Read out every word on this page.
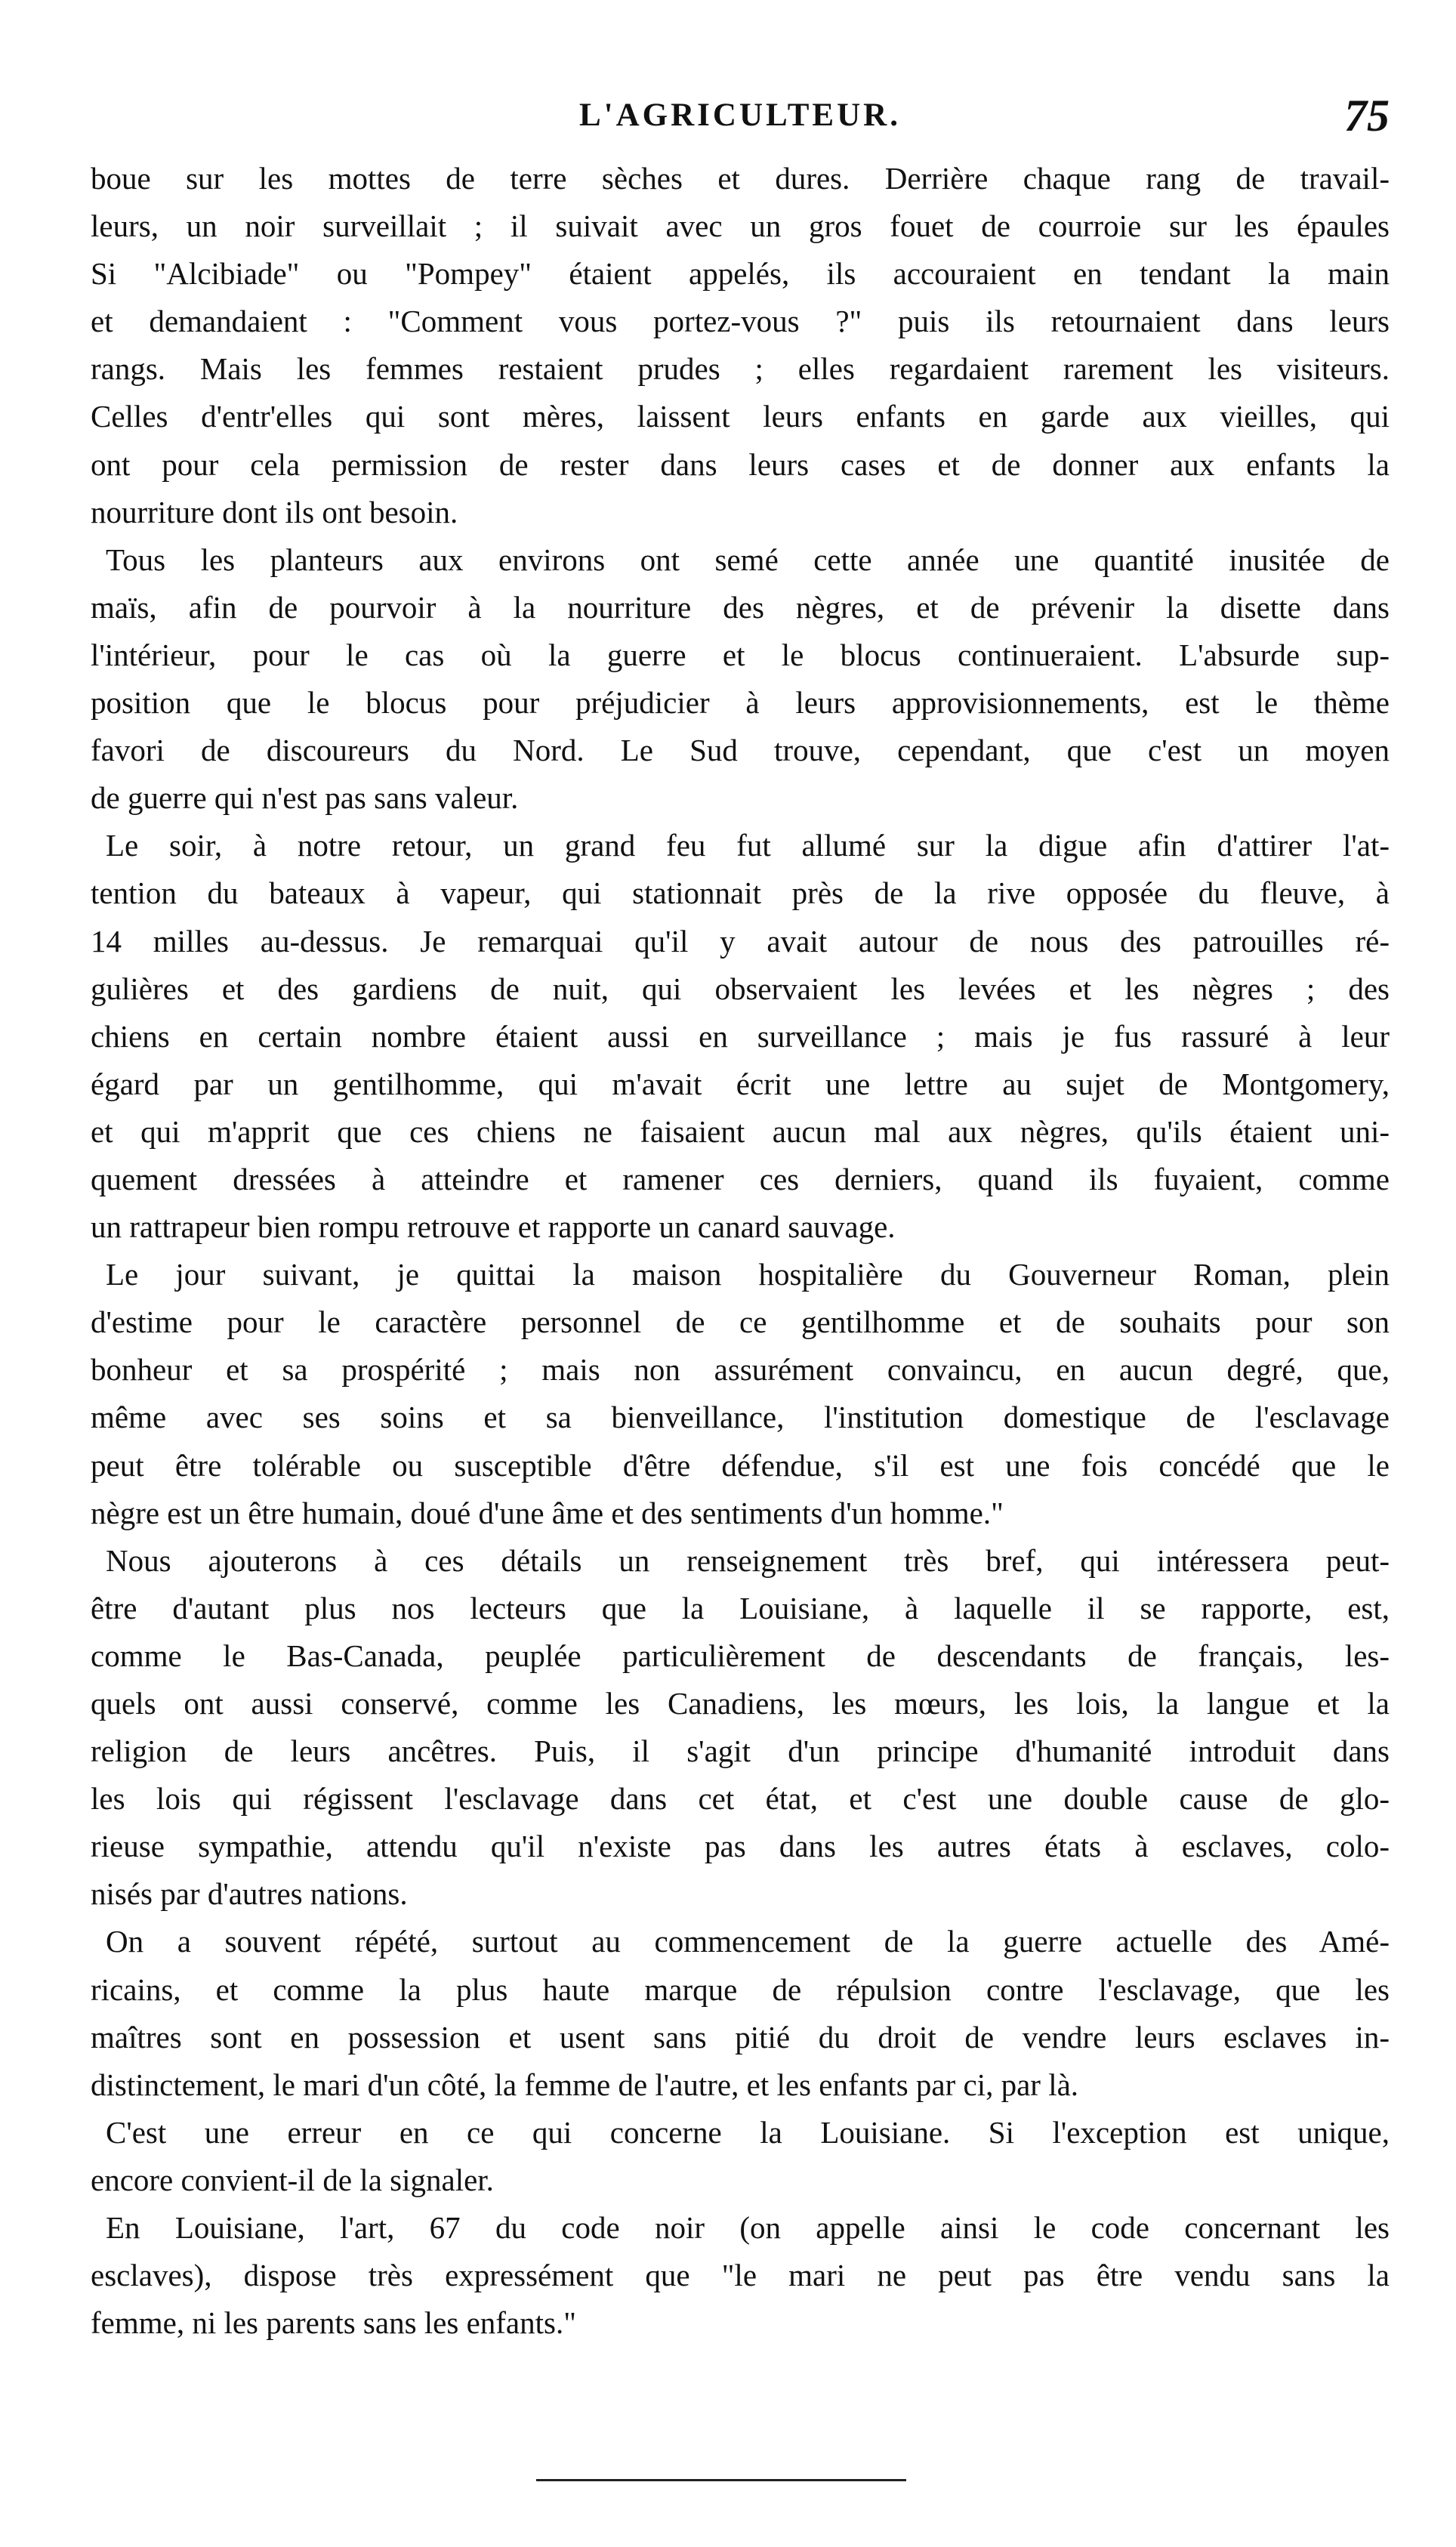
L'AGRICULTEUR.	75
boue sur les mottes de terre sèches et dures. Derrière chaque rang de travail-
leurs, un noir surveillait ; il suivait avec un gros fouet de courroie sur les épaules
Si "Alcibiade" ou "Pompey" étaient appelés, ils accouraient en tendant la main
et demandaient : "Comment vous portez-vous ?" puis ils retournaient dans leurs
rangs. Mais les femmes restaient prudes ; elles regardaient rarement les visiteurs.
Celles d'entr'elles qui sont mères, laissent leurs enfants en garde aux vieilles, qui
ont pour cela permission de rester dans leurs cases et de donner aux enfants la
nourriture dont ils ont besoin.
Tous les planteurs aux environs ont semé cette année une quantité inusitée de
maïs, afin de pourvoir à la nourriture des nègres, et de prévenir la disette dans
l'intérieur, pour le cas où la guerre et le blocus continueraient. L'absurde sup-
position que le blocus pour préjudicier à leurs approvisionnements, est le thème
favori de discoureurs du Nord. Le Sud trouve, cependant, que c'est un moyen
de guerre qui n'est pas sans valeur.
Le soir, à notre retour, un grand feu fut allumé sur la digue afin d'attirer l'at-
tention du bateaux à vapeur, qui stationnait près de la rive opposée du fleuve, à
14 milles au-dessus. Je remarquai qu'il y avait autour de nous des patrouilles ré-
gulières et des gardiens de nuit, qui observaient les levées et les nègres ; des
chiens en certain nombre étaient aussi en surveillance ; mais je fus rassuré à leur
égard par un gentilhomme, qui m'avait écrit une lettre au sujet de Montgomery,
et qui m'apprit que ces chiens ne faisaient aucun mal aux nègres, qu'ils étaient uni-
quement dressées à atteindre et ramener ces derniers, quand ils fuyaient, comme
un rattrapeur bien rompu retrouve et rapporte un canard sauvage.
Le jour suivant, je quittai la maison hospitalière du Gouverneur Roman, plein
d'estime pour le caractère personnel de ce gentilhomme et de souhaits pour son
bonheur et sa prospérité ; mais non assurément convaincu, en aucun degré, que,
même avec ses soins et sa bienveillance, l'institution domestique de l'esclavage
peut être tolérable ou susceptible d'être défendue, s'il est une fois concédé que le
nègre est un être humain, doué d'une âme et des sentiments d'un homme."
Nous ajouterons à ces détails un renseignement très bref, qui intéressera peut-
être d'autant plus nos lecteurs que la Louisiane, à laquelle il se rapporte, est,
comme le Bas-Canada, peuplée particulièrement de descendants de français, les-
quels ont aussi conservé, comme les Canadiens, les mœurs, les lois, la langue et la
religion de leurs ancêtres. Puis, il s'agit d'un principe d'humanité introduit dans
les lois qui régissent l'esclavage dans cet état, et c'est une double cause de glo-
rieuse sympathie, attendu qu'il n'existe pas dans les autres états à esclaves, colo-
nisés par d'autres nations.
On a souvent répété, surtout au commencement de la guerre actuelle des Amé-
ricains, et comme la plus haute marque de répulsion contre l'esclavage, que les
maîtres sont en possession et usent sans pitié du droit de vendre leurs esclaves in-
distinctement, le mari d'un côté, la femme de l'autre, et les enfants par ci, par là.
C'est une erreur en ce qui concerne la Louisiane. Si l'exception est unique,
encore convient-il de la signaler.
En Louisiane, l'art, 67 du code noir (on appelle ainsi le code concernant les
esclaves), dispose très expressément que "le mari ne peut pas être vendu sans la
femme, ni les parents sans les enfants."
